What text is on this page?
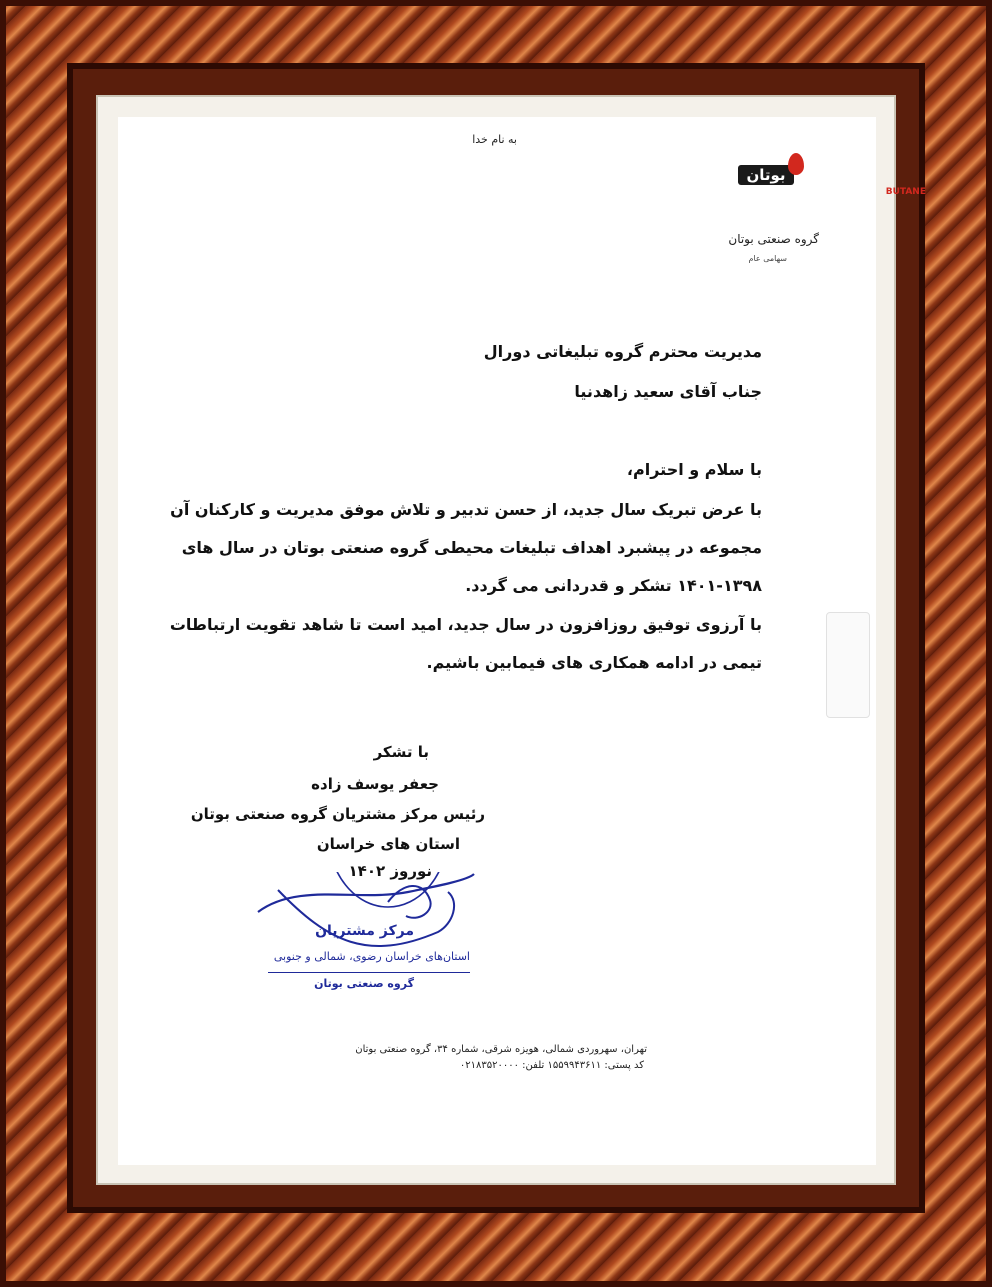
به نام خدا
بوتان
BUTANE
گروه صنعتی بوتان
سهامی عام
مدیریت محترم گروه تبلیغاتی دورال
جناب آقای سعید زاهدنیا
با سلام و احترام،
با عرض تبریک سال جدید، از حسن تدبیر و تلاش موفق مدیریت و کارکنان آن
مجموعه در پیشبرد اهداف تبلیغات محیطی گروه صنعتی بوتان در سال های
۱۴۰۱-۱۳۹۸ تشکر و قدردانی می گردد.
با آرزوی توفیق روزافزون در سال جدید، امید است تا شاهد تقویت ارتباطات
تیمی در ادامه همکاری های فیمابین باشیم.
با تشکر
جعفر یوسف زاده
رئیس مرکز مشتریان گروه صنعتی بوتان
استان های خراسان
نوروز ۱۴۰۲
مرکز مشتریان
استان‌های خراسان رضوی، شمالی و جنوبی
گروه صنعتی بوتان
تهران، سهروردی شمالی، هویزه شرقی، شماره ۳۴، گروه صنعتی بوتان
کد پستی: ۱۵۵۹۹۴۳۶۱۱ تلفن: ۰۲۱۸۳۵۲۰۰۰۰
